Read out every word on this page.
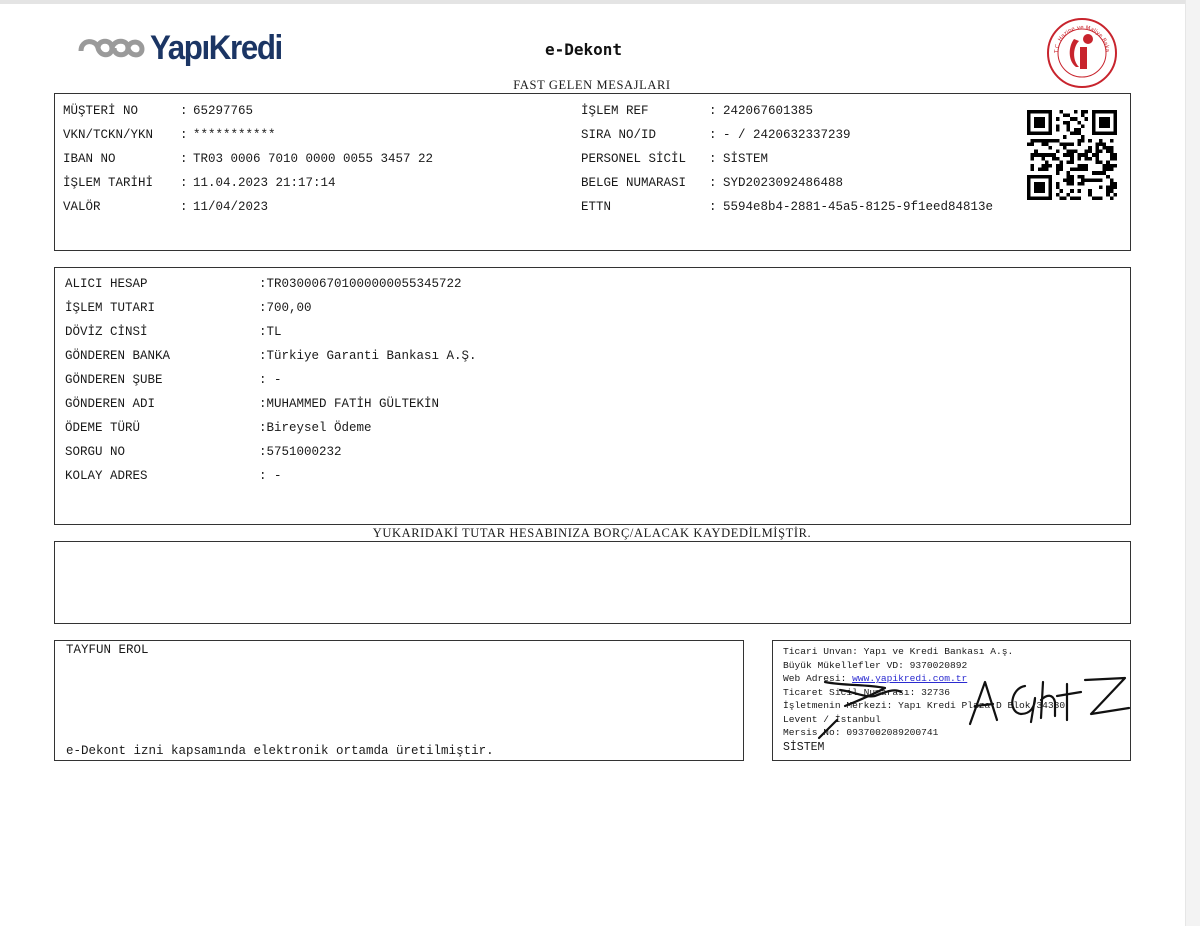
YapıKredi	e-Dekont	T.C. Hazine ve Maliye Baka
FAST GELEN MESAJLARI
MÜŞTERİ NO	: 65297765
VKN/TCKN/YKN : ***********
IBAN NO	: TR03 0006 7010 0000 0055 3457 22
İŞLEM TARİHİ : 11.04.2023 21:17:14
VALÖR	: 11/04/2023
İŞLEM REF	: 242067601385
SIRA NO/ID	: - / 2420632337239
PERSONEL SİCİL : SİSTEM
BELGE NUMARASI : SYD2023092486488
ETTN	: 5594e8b4-2881-45a5-8125-9f1eed84813e
ALICI HESAP	:TR030006701000000055345722
İŞLEM TUTARI	:700,00
DÖVİZ CİNSİ	:TL
GÖNDEREN BANKA	:Türkiye Garanti Bankası A.Ş.
GÖNDEREN ŞUBE	: -
GÖNDEREN ADI	:MUHAMMED FATİH GÜLTEKİN
ÖDEME TÜRÜ	:Bireysel Ödeme
SORGU NO	:5751000232
KOLAY ADRES	: -
YUKARIDAKİ TUTAR HESABINIZA BORÇ/ALACAK KAYDEDİLMİŞTİR.
TAYFUN EROL
e-Dekont izni kapsamında elektronik ortamda üretilmiştir.
Ticari Unvan: Yapı ve Kredi Bankası A.ş.
Büyük Mükellefler VD: 9370020892
Web Adresi: www.yapikredi.com.tr
Ticaret Sicil Numarası: 32736
İşletmenin Merkezi: Yapı Kredi Plaza D Blok 34330
Levent / İstanbul
Mersis No: 0937002089200741
SİSTEM
